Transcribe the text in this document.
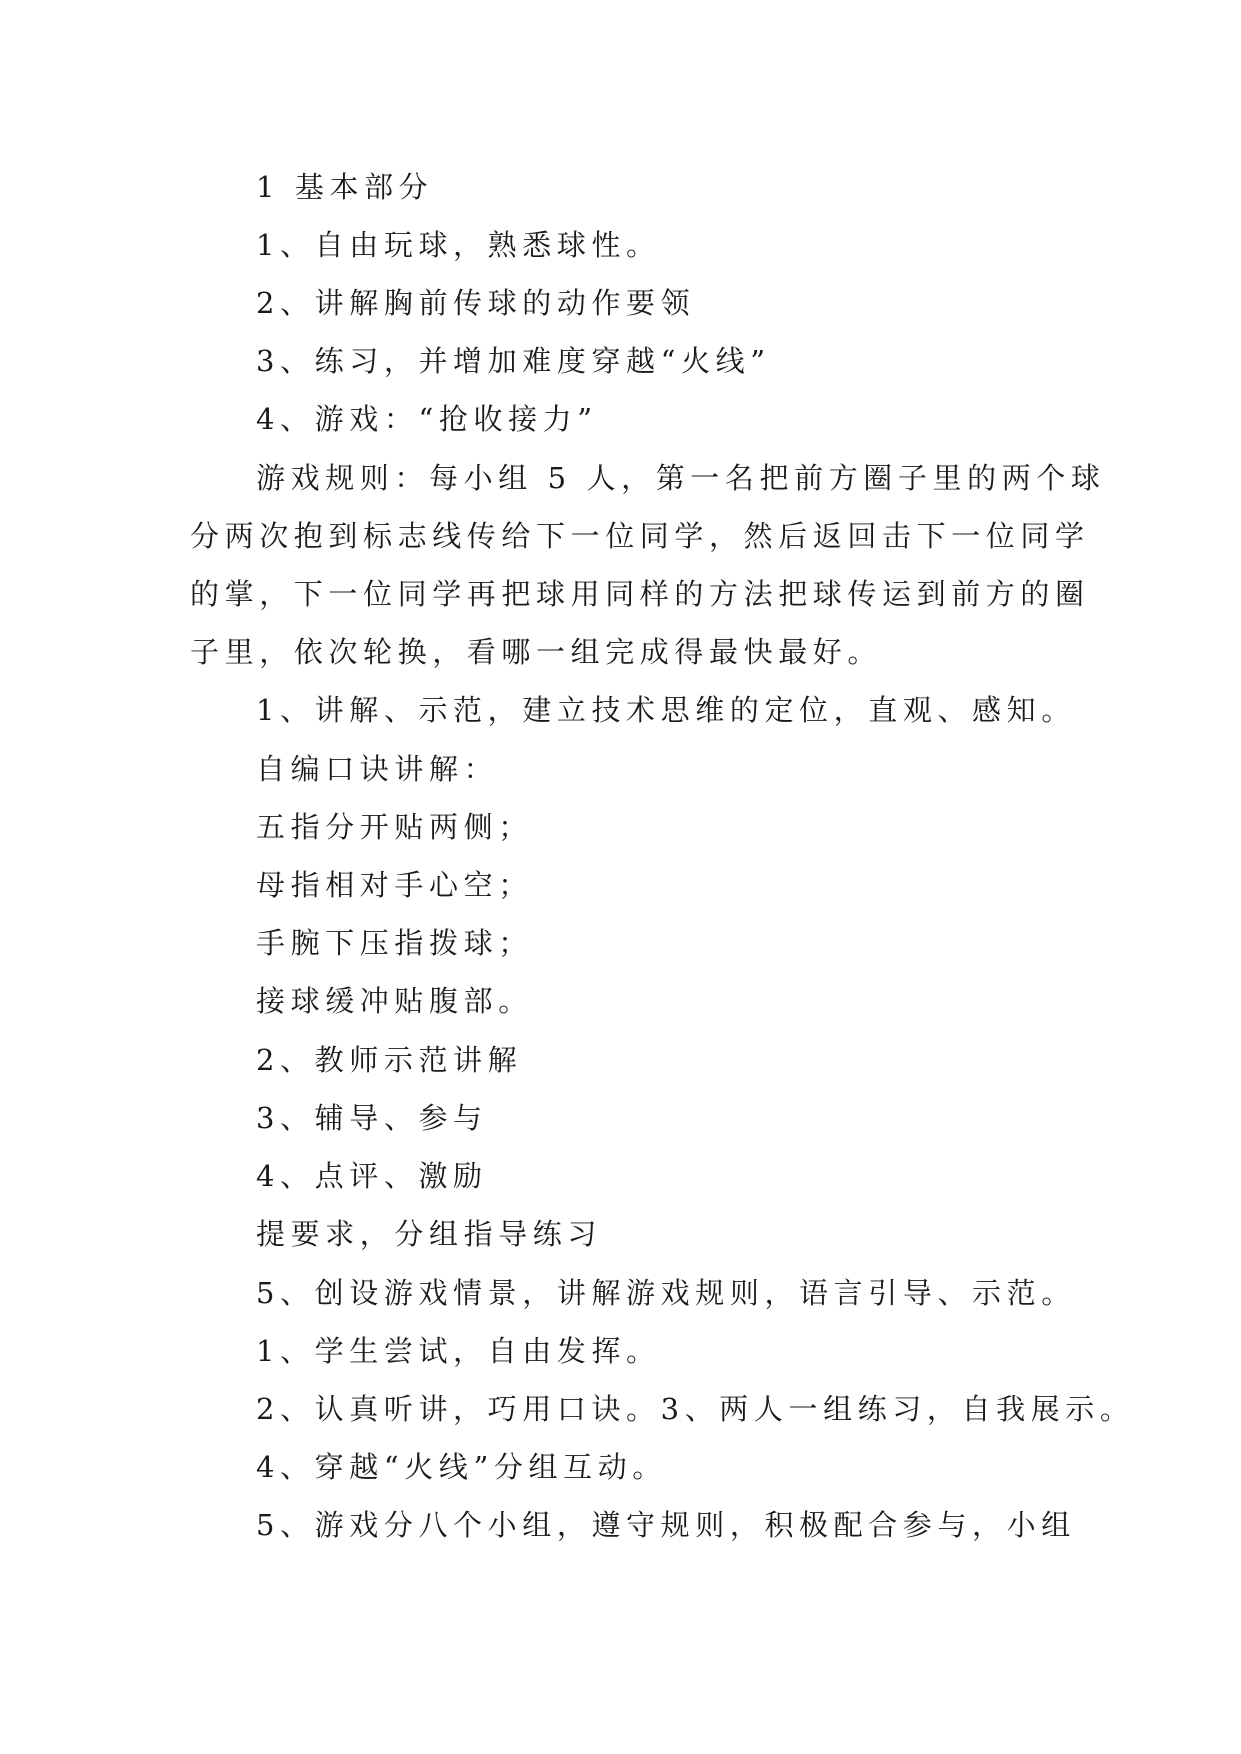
1 基本部分
1、自由玩球，熟悉球性。
2、讲解胸前传球的动作要领
3、练习，并增加难度穿越“火线”
4、游戏：“抢收接力”
游戏规则：每小组 5 人，第一名把前方圈子里的两个球
分两次抱到标志线传给下一位同学，然后返回击下一位同学
的掌，下一位同学再把球用同样的方法把球传运到前方的圈
子里，依次轮换，看哪一组完成得最快最好。
1、讲解、示范，建立技术思维的定位，直观、感知。
自编口诀讲解：
五指分开贴两侧；
母指相对手心空；
手腕下压指拨球；
接球缓冲贴腹部。
2、教师示范讲解
3、辅导、参与
4、点评、激励
提要求，分组指导练习
5、创设游戏情景，讲解游戏规则，语言引导、示范。
1、学生尝试，自由发挥。
2、认真听讲，巧用口诀。3、两人一组练习，自我展示。
4、穿越“火线”分组互动。
5、游戏分八个小组，遵守规则，积极配合参与，小组
